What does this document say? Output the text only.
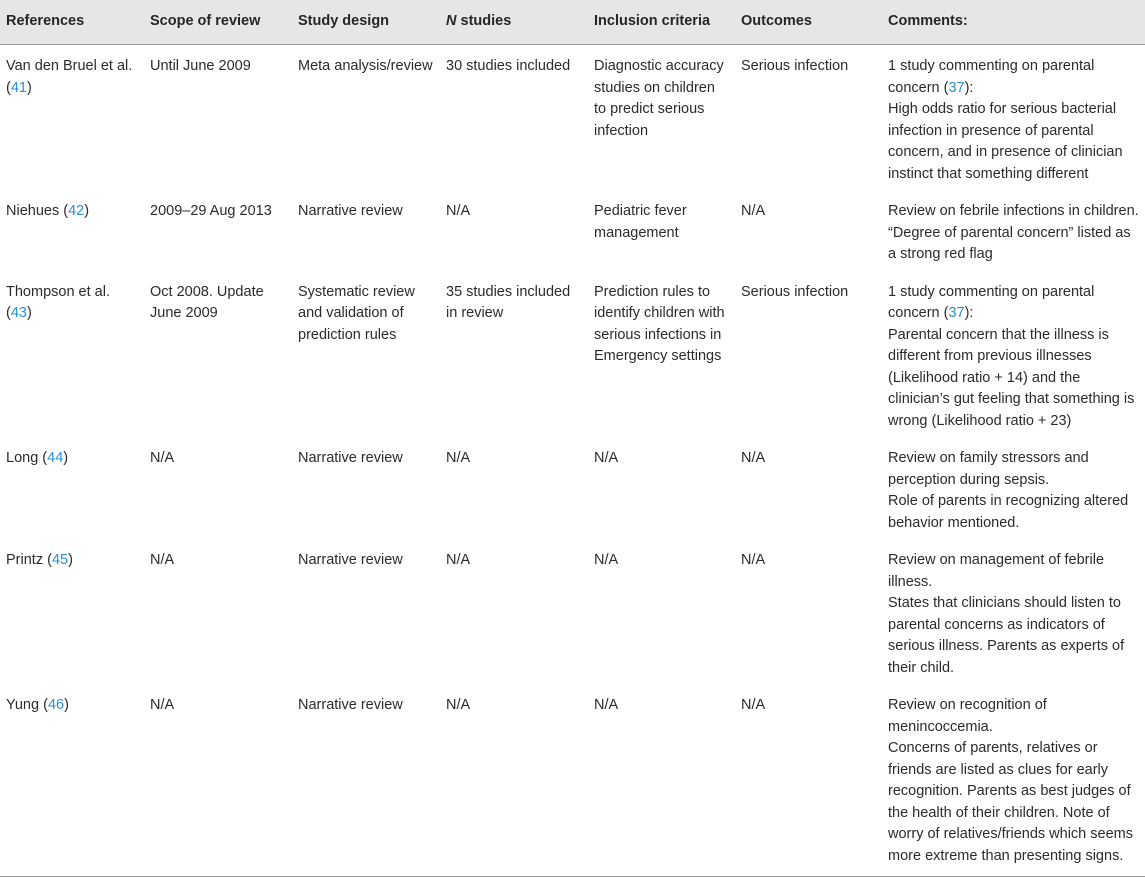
References	Scope of review	Study design	N studies	Inclusion criteria	Outcomes	Comments:
Van den Bruel et al. (41)	Until June 2009	Meta analysis/review	30 studies included	Diagnostic accuracy studies on children to predict serious infection	Serious infection	1 study commenting on parental concern (37):
High odds ratio for serious bacterial infection in presence of parental concern, and in presence of clinician instinct that something different

Niehues (42)	2009–29 Aug 2013	Narrative review	N/A	Pediatric fever management	N/A	Review on febrile infections in children.
“Degree of parental concern” listed as a strong red flag

Thompson et al. (43)	Oct 2008. Update June 2009	Systematic review and validation of prediction rules	35 studies included in review	Prediction rules to identify children with serious infections in Emergency settings	Serious infection	1 study commenting on parental concern (37):
Parental concern that the illness is different from previous illnesses (Likelihood ratio + 14) and the clinician’s gut feeling that something is wrong (Likelihood ratio + 23)

Long (44)	N/A	Narrative review	N/A	N/A	N/A	Review on family stressors and perception during sepsis.
Role of parents in recognizing altered behavior mentioned.

Printz (45)	N/A	Narrative review	N/A	N/A	N/A	Review on management of febrile illness.
States that clinicians should listen to parental concerns as indicators of serious illness. Parents as experts of their child.

Yung (46)	N/A	Narrative review	N/A	N/A	N/A	Review on recognition of menincoccemia.
Concerns of parents, relatives or friends are listed as clues for early recognition. Parents as best judges of the health of their children. Note of worry of relatives/friends which seems more extreme than presenting signs.
